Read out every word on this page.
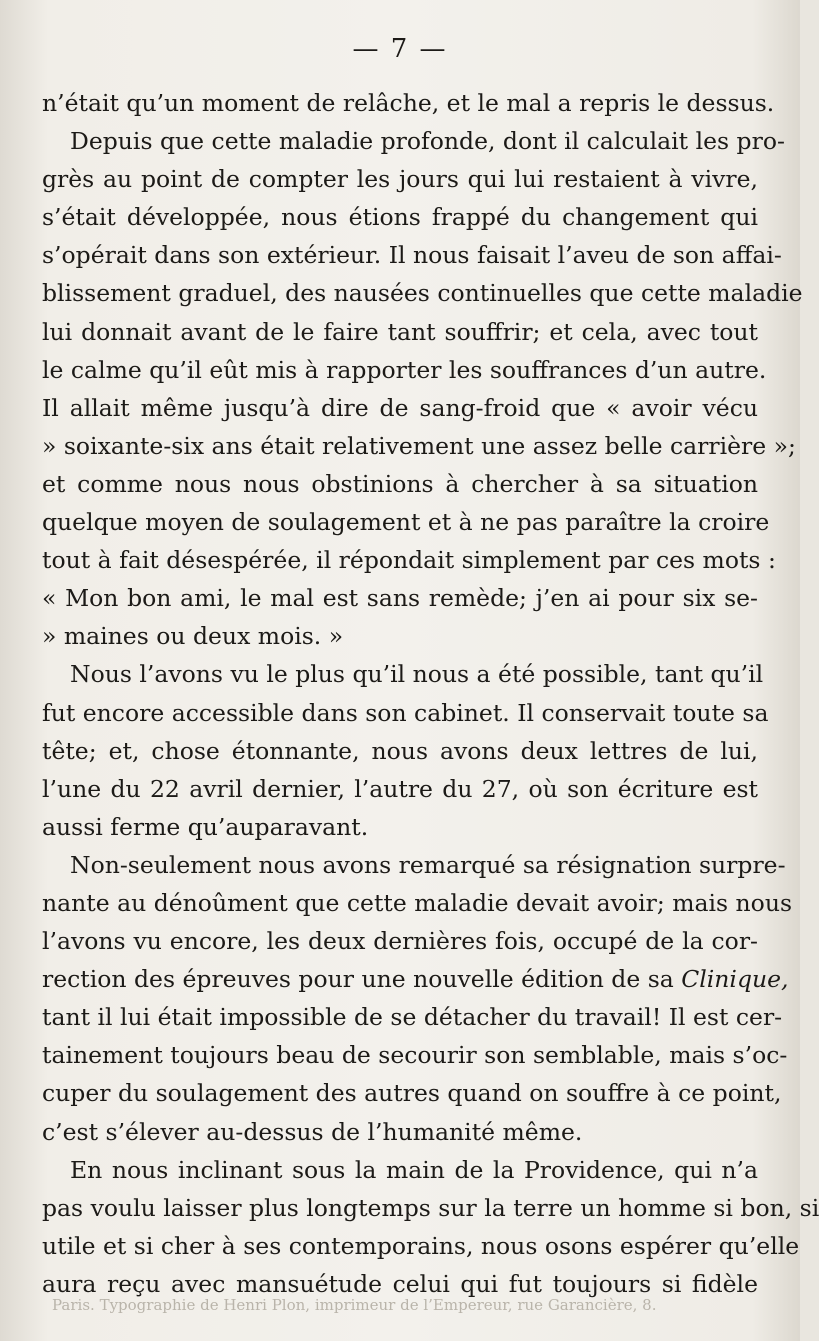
— 7 —
n’était qu’un moment de relâche, et le mal a repris le dessus.
Depuis que cette maladie profonde, dont il calculait les pro-
grès au point de compter les jours qui lui restaient à vivre,
s’était développée, nous étions frappé du changement qui
s’opérait dans son extérieur. Il nous faisait l’aveu de son affai-
blissement graduel, des nausées continuelles que cette maladie
lui donnait avant de le faire tant souffrir; et cela, avec tout
le calme qu’il eût mis à rapporter les souffrances d’un autre.
Il allait même jusqu’à dire de sang-froid que « avoir vécu
» soixante-six ans était relativement une assez belle carrière »;
et comme nous nous obstinions à chercher à sa situation
quelque moyen de soulagement et à ne pas paraître la croire
tout à fait désespérée, il répondait simplement par ces mots :
« Mon bon ami, le mal est sans remède; j’en ai pour six se-
» maines ou deux mois. »
Nous l’avons vu le plus qu’il nous a été possible, tant qu’il
fut encore accessible dans son cabinet. Il conservait toute sa
tête; et, chose étonnante, nous avons deux lettres de lui,
l’une du 22 avril dernier, l’autre du 27, où son écriture est
aussi ferme qu’auparavant.
Non-seulement nous avons remarqué sa résignation surpre-
nante au dénoûment que cette maladie devait avoir; mais nous
l’avons vu encore, les deux dernières fois, occupé de la cor-
rection des épreuves pour une nouvelle édition de sa Clinique,
tant il lui était impossible de se détacher du travail! Il est cer-
tainement toujours beau de secourir son semblable, mais s’oc-
cuper du soulagement des autres quand on souffre à ce point,
c’est s’élever au-dessus de l’humanité même.
En nous inclinant sous la main de la Providence, qui n’a
pas voulu laisser plus longtemps sur la terre un homme si bon, si
utile et si cher à ses contemporains, nous osons espérer qu’elle
aura reçu avec mansuétude celui qui fut toujours si fidèle
Paris. Typographie de Henri Plon, imprimeur de l’Empereur, rue Garancière, 8.
